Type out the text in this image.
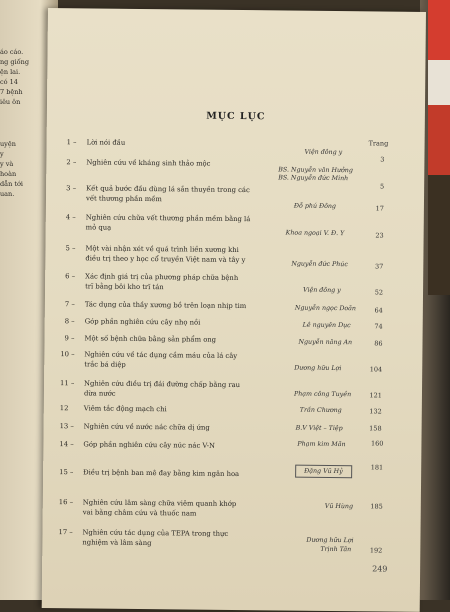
áo cáo.
ng giống
ện lai.
có 14
7 bệnh
iêu ôn
uyện
y
y và
hoàn
dẫn tới
uan.
MỤC LỤC
Trang
1 – Lời nói đầu
Viện đông y
3
2 – Nghiên cứu về kháng sinh thảo mộc
BS. Nguyễn văn Hưởng
BS. Nguyễn đức Minh
5
3 – Kết quả bước đầu dùng lá sắn thuyền trong các
vết thương phần mềm
Đỗ phú Đông	17
4 – Nghiên cứu chữa vết thương phần mềm bằng lá
mỏ quạ
Khoa ngoại V. Đ. Y	23
5 – Một vài nhận xét về quá trình liền xương khi
điều trị theo y học cổ truyền Việt nam và tây y
Nguyễn đức Phúc	37
6 – Xác định giá trị của phương pháp chữa bệnh
trĩ bằng bôi kho trĩ tán	Viện đông y	52
7 – Tác dụng của thầy xương bồ trên loạn nhịp tim	Nguyễn ngọc Doãn	64
8 – Góp phần nghiên cứu cây nhọ nồi	Lê nguyên Dục	74
9 – Một số bệnh chữa bằng sản phẩm ong	Nguyễn năng An	86
10 – Nghiên cứu về tác dụng cầm máu của lá cây
trắc bá diệp	Dương hữu Lợi	104
11 – Nghiên cứu điều trị đái đường chấp bằng rau
dừa nước	Phạm công Tuyền	121
12 Viêm tắc động mạch chi	Trần Chương	132
13 – Nghiên cứu về nước nác chữa dị ứng	B.V Việt – Tiệp	158
14 – Góp phần nghiên cứu cây núc nác V-N	Phạm kim Mãn	160
15 – Điều trị bệnh ban mê đay bằng kim ngân hoa	Đặng Vũ Hỷ	181
16 – Nghiên cứu lâm sàng chữa viêm quanh khớp
vai bằng châm cứu và thuốc nam
Vũ Hùng	185
17 – Nghiên cứu tác dụng của TEPA trong thực
nghiệm và lâm sàng	Dương hữu Lợi
Trịnh Tân	192
249
